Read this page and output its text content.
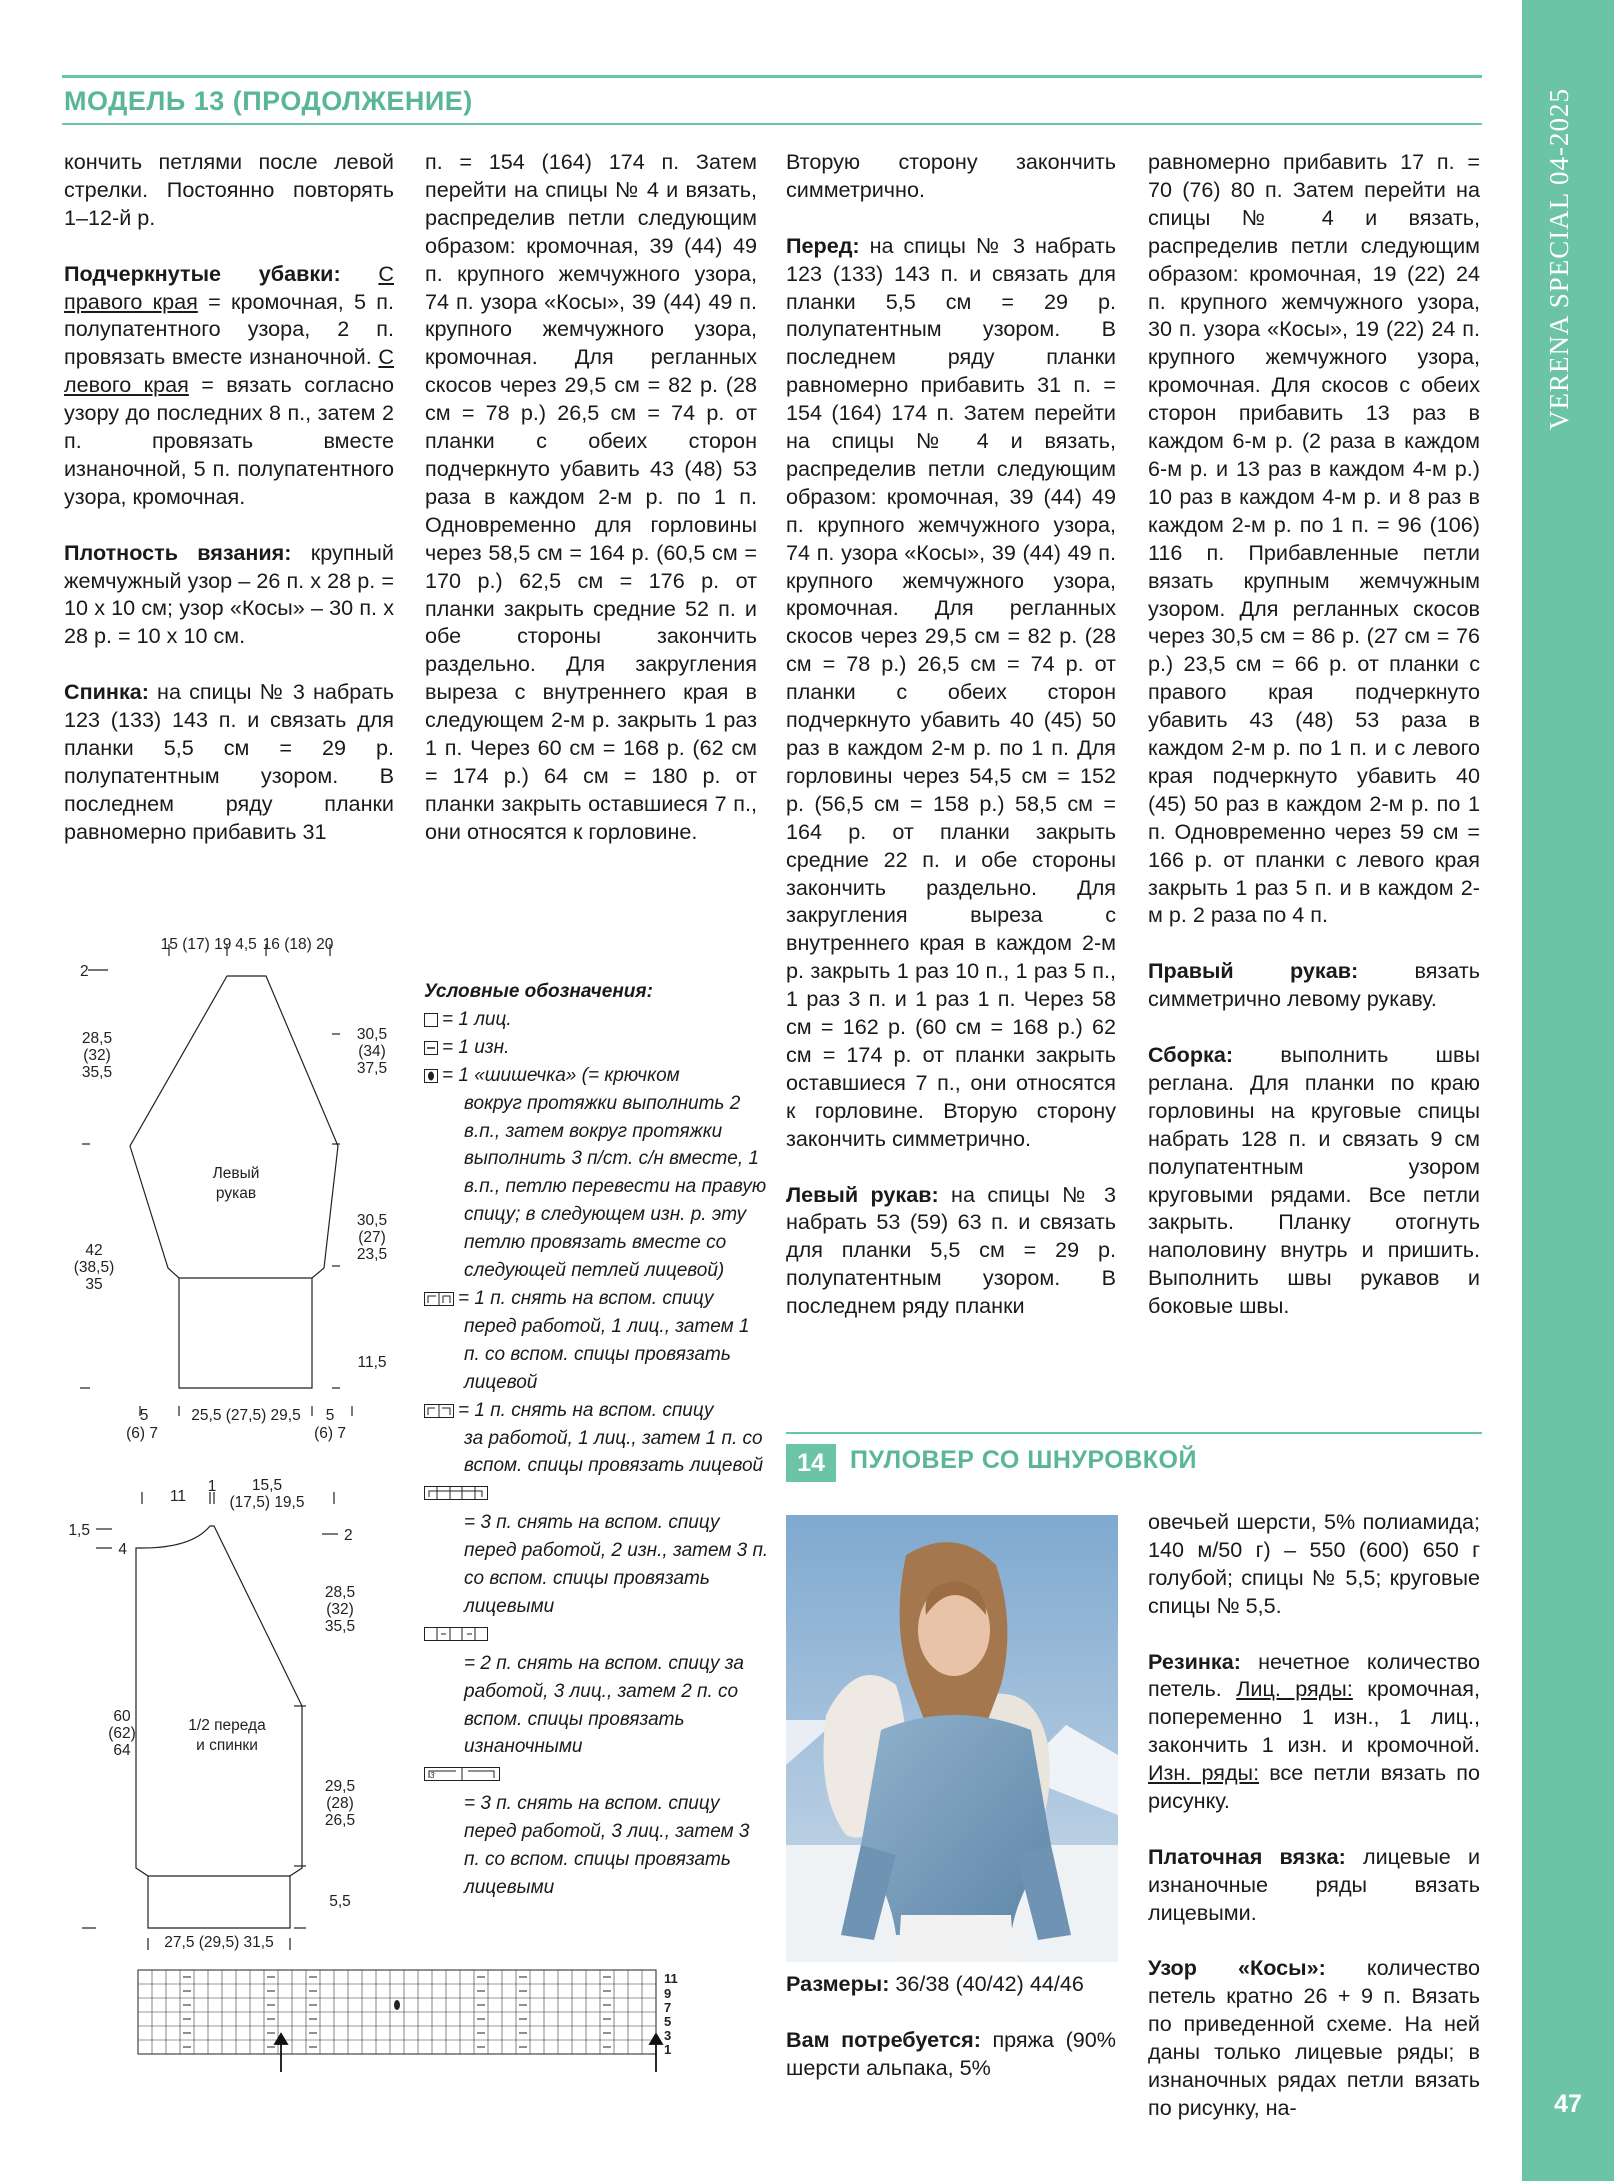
VERENA SPECIAL 04-2025
47
МОДЕЛЬ 13 (ПРОДОЛЖЕНИЕ)

кончить петлями после левой стрелки. Постоянно повторять 1–12-й р.

Подчеркнутые убавки: С правого края = кромочная, 5 п. полупатентного узора, 2 п. провязать вместе изнаночной. С левого края = вязать согласно узору до последних 8 п., затем 2 п. провязать вместе изнаночной, 5 п. полупатентного узора, кромочная.

Плотность вязания: крупный жемчужный узор – 26 п. х 28 р. = 10 х 10 см; узор «Косы» – 30 п. х 28 р. = 10 х 10 см.

Спинка: на спицы № 3 набрать 123 (133) 143 п. и связать для планки 5,5 см = 29 р. полупатентным узором. В последнем ряду планки равномерно прибавить 31

п. = 154 (164) 174 п. Затем перейти на спицы № 4 и вязать, распределив петли следующим образом: кромочная, 39 (44) 49 п. крупного жемчужного узора, 74 п. узора «Косы», 39 (44) 49 п. крупного жемчужного узора, кромочная. Для регланных скосов через 29,5 см = 82 р. (28 см = 78 р.) 26,5 см = 74 р. от планки с обеих сторон подчеркнуто убавить 43 (48) 53 раза в каждом 2-м р. по 1 п. Одновременно для горловины через 58,5 см = 164 р. (60,5 см = 170 р.) 62,5 см = 176 р. от планки закрыть средние 52 п. и обе стороны закончить раздельно. Для закругления выреза с внутреннего края в следующем 2-м р. закрыть 1 раз 1 п. Через 60 см = 168 р. (62 см = 174 р.) 64 см = 180 р. от планки закрыть оставшиеся 7 п., они относятся к горловине.

Вторую сторону закончить симметрично.

Перед: на спицы № 3 набрать 123 (133) 143 п. и связать для планки 5,5 см = 29 р. полупатентным узором. В последнем ряду планки равномерно прибавить 31 п. = 154 (164) 174 п. Затем перейти на спицы № 4 и вязать, распределив петли следующим образом: кромочная, 39 (44) 49 п. крупного жемчужного узора, 74 п. узора «Косы», 39 (44) 49 п. крупного жемчужного узора, кромочная. Для регланных скосов через 29,5 см = 82 р. (28 см = 78 р.) 26,5 см = 74 р. от планки с обеих сторон подчеркнуто убавить 40 (45) 50 раз в каждом 2-м р. по 1 п. Для горловины через 54,5 см = 152 р. (56,5 см = 158 р.) 58,5 см = 164 р. от планки закрыть средние 22 п. и обе стороны закончить раздельно. Для закругления выреза с внутреннего края в каждом 2-м р. закрыть 1 раз 10 п., 1 раз 5 п., 1 раз 3 п. и 1 раз 1 п. Через 58 см = 162 р. (60 см = 168 р.) 62 см = 174 р. от планки закрыть оставшиеся 7 п., они относятся к горловине. Вторую сторону закончить симметрично.

Левый рукав: на спицы № 3 набрать 53 (59) 63 п. и связать для планки 5,5 см = 29 р. полупатентным узором. В последнем ряду планки

равномерно прибавить 17 п. = 70 (76) 80 п. Затем перейти на спицы № 4 и вязать, распределив петли следующим образом: кромочная, 19 (22) 24 п. крупного жемчужного узора, 30 п. узора «Косы», 19 (22) 24 п. крупного жемчужного узора, кромочная. Для скосов с обеих сторон прибавить 13 раз в каждом 6-м р. (2 раза в каждом 6-м р. и 13 раз в каждом 4-м р.) 10 раз в каждом 4-м р. и 8 раз в каждом 2-м р. по 1 п. = 96 (106) 116 п. Прибавленные петли вязать крупным жемчужным узором. Для регланных скосов через 30,5 см = 86 р. (27 см = 76 р.) 23,5 см = 66 р. от планки с правого края подчеркнуто убавить 43 (48) 53 раза в каждом 2-м р. по 1 п. и с левого края подчеркнуто убавить 40 (45) 50 раз в каждом 2-м р. по 1 п. Одновременно через 59 см = 166 р. от планки с левого края закрыть 1 раз 5 п. и в каждом 2-м р. 2 раза по 4 п.

Правый рукав: вязать симметрично левому рукаву.

Сборка: выполнить швы реглана. Для планки по краю горловины на круговые спицы набрать 128 п. и связать 9 см полупатентным узором круговыми рядами. Все петли закрыть. Планку отогнуть наполовину внутрь и пришить. Выполнить швы рукавов и боковые швы.

Условные обозначения:
= 1 лиц.
= 1 изн.
= 1 «шишечка» (= крючком
вокруг протяжки выполнить 2 в.п., затем вокруг протяжки выполнить 3 п/ст. с/н вместе, 1 в.п., петлю перевести на правую спицу; в следующем изн. р. эту петлю провязать вместе со следующей петлей лицевой)
= 1 п. снять на вспом. спицу
перед работой, 1 лиц., затем 1 п. со вспом. спицы провязать лицевой
= 1 п. снять на вспом. спицу
за работой, 1 лиц., затем 1 п. со вспом. спицы провязать лицевой
= 3 п. снять на вспом. спицу перед работой, 2 изн., затем 3 п. со вспом. спицы провязать лицевыми
= 2 п. снять на вспом. спицу за работой, 3 лиц., затем 2 п. со вспом. спицы провязать изнаночными
3
= 3 п. снять на вспом. спицу перед работой, 3 лиц., затем 3 п. со вспом. спицы провязать лицевыми
15 (17) 19 4,5 16 (18) 20
2
28,5
(32)
35,5
30,5
(34)
37,5
Левый
рукав
30,5
(27)
23,5
42
(38,5)
35
11,5
5
(6) 7
25,5 (27,5) 29,5 5
(6) 7
11
1 15,5
(17,5) 19,5
1,5
4
2
28,5
(32)
35,5
1/2 переда
и спинки
60
(62)
64
29,5
(28)
26,5
5,5
27,5 (29,5) 31,5
11
9
7
5
3
1
14	ПУЛОВЕР СО ШНУРОВКОЙ

Размеры: 36/38 (40/42) 44/46

Вам потребуется: пряжа (90% шерсти альпака, 5%

овечьей шерсти, 5% полиамида; 140 м/50 г) – 550 (600) 650 г голубой; спицы № 5,5; круговые спицы № 5,5.

Резинка: нечетное количество петель. Лиц. ряды: кромочная, попеременно 1 изн., 1 лиц., закончить 1 изн. и кромочной. Изн. ряды: все петли вязать по рисунку.

Платочная вязка: лицевые и изнаночные ряды вязать лицевыми.

Узор «Косы»: количество петель кратно 26 + 9 п. Вязать по приведенной схеме. На ней даны только лицевые ряды; в изнаночных рядах петли вязать по рисунку, на-
